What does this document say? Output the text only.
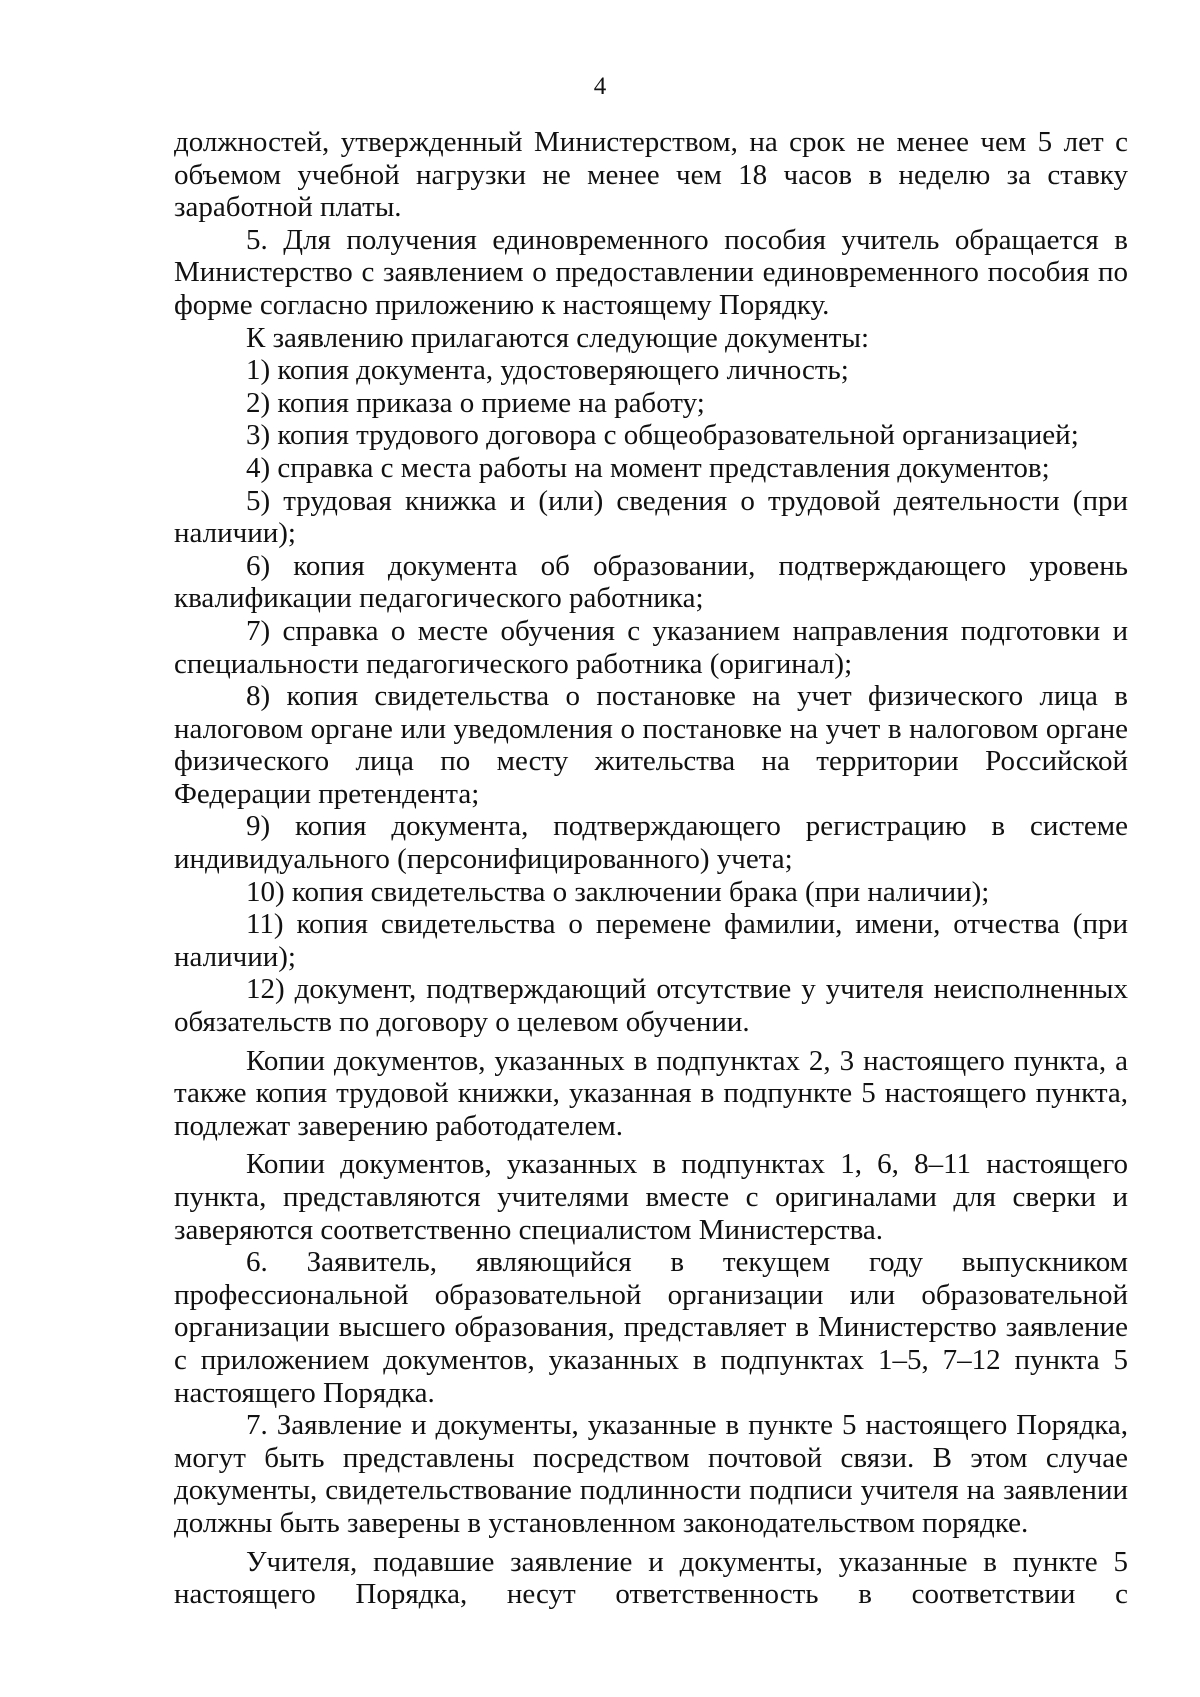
4

должностей, утвержденный Министерством, на срок не менее чем 5 лет с объемом учебной нагрузки не менее чем 18 часов в неделю за ставку заработной платы.

5. Для получения единовременного пособия учитель обращается в Министерство с заявлением о предоставлении единовременного пособия по форме согласно приложению к настоящему Порядку.

К заявлению прилагаются следующие документы:

1) копия документа, удостоверяющего личность;

2) копия приказа о приеме на работу;

3) копия трудового договора с общеобразовательной организацией;

4) справка с места работы на момент представления документов;

5) трудовая книжка и (или) сведения о трудовой деятельности (при наличии);

6) копия документа об образовании, подтверждающего уровень квалификации педагогического работника;

7) справка о месте обучения с указанием направления подготовки и специальности педагогического работника (оригинал);

8) копия свидетельства о постановке на учет физического лица в налоговом органе или уведомления о постановке на учет в налоговом органе физического лица по месту жительства на территории Российской Федерации претендента;

9) копия документа, подтверждающего регистрацию в системе индивидуального (персонифицированного) учета;

10) копия свидетельства о заключении брака (при наличии);

11) копия свидетельства о перемене фамилии, имени, отчества (при наличии);

12) документ, подтверждающий отсутствие у учителя неисполненных обязательств по договору о целевом обучении.

Копии документов, указанных в подпунктах 2, 3 настоящего пункта, а также копия трудовой книжки, указанная в подпункте 5 настоящего пункта, подлежат заверению работодателем.

Копии документов, указанных в подпунктах 1, 6, 8–11 настоящего пункта, представляются учителями вместе с оригиналами для сверки и заверяются соответственно специалистом Министерства.

6. Заявитель, являющийся в текущем году выпускником профессиональной образовательной организации или образовательной организации высшего образования, представляет в Министерство заявление с приложением документов, указанных в подпунктах 1–5, 7–12 пункта 5 настоящего Порядка.

7. Заявление и документы, указанные в пункте 5 настоящего Порядка, могут быть представлены посредством почтовой связи. В этом случае документы, свидетельствование подлинности подписи учителя на заявлении должны быть заверены в установленном законодательством порядке.

Учителя, подавшие заявление и документы, указанные в пункте 5 настоящего Порядка, несут ответственность в соответствии с
